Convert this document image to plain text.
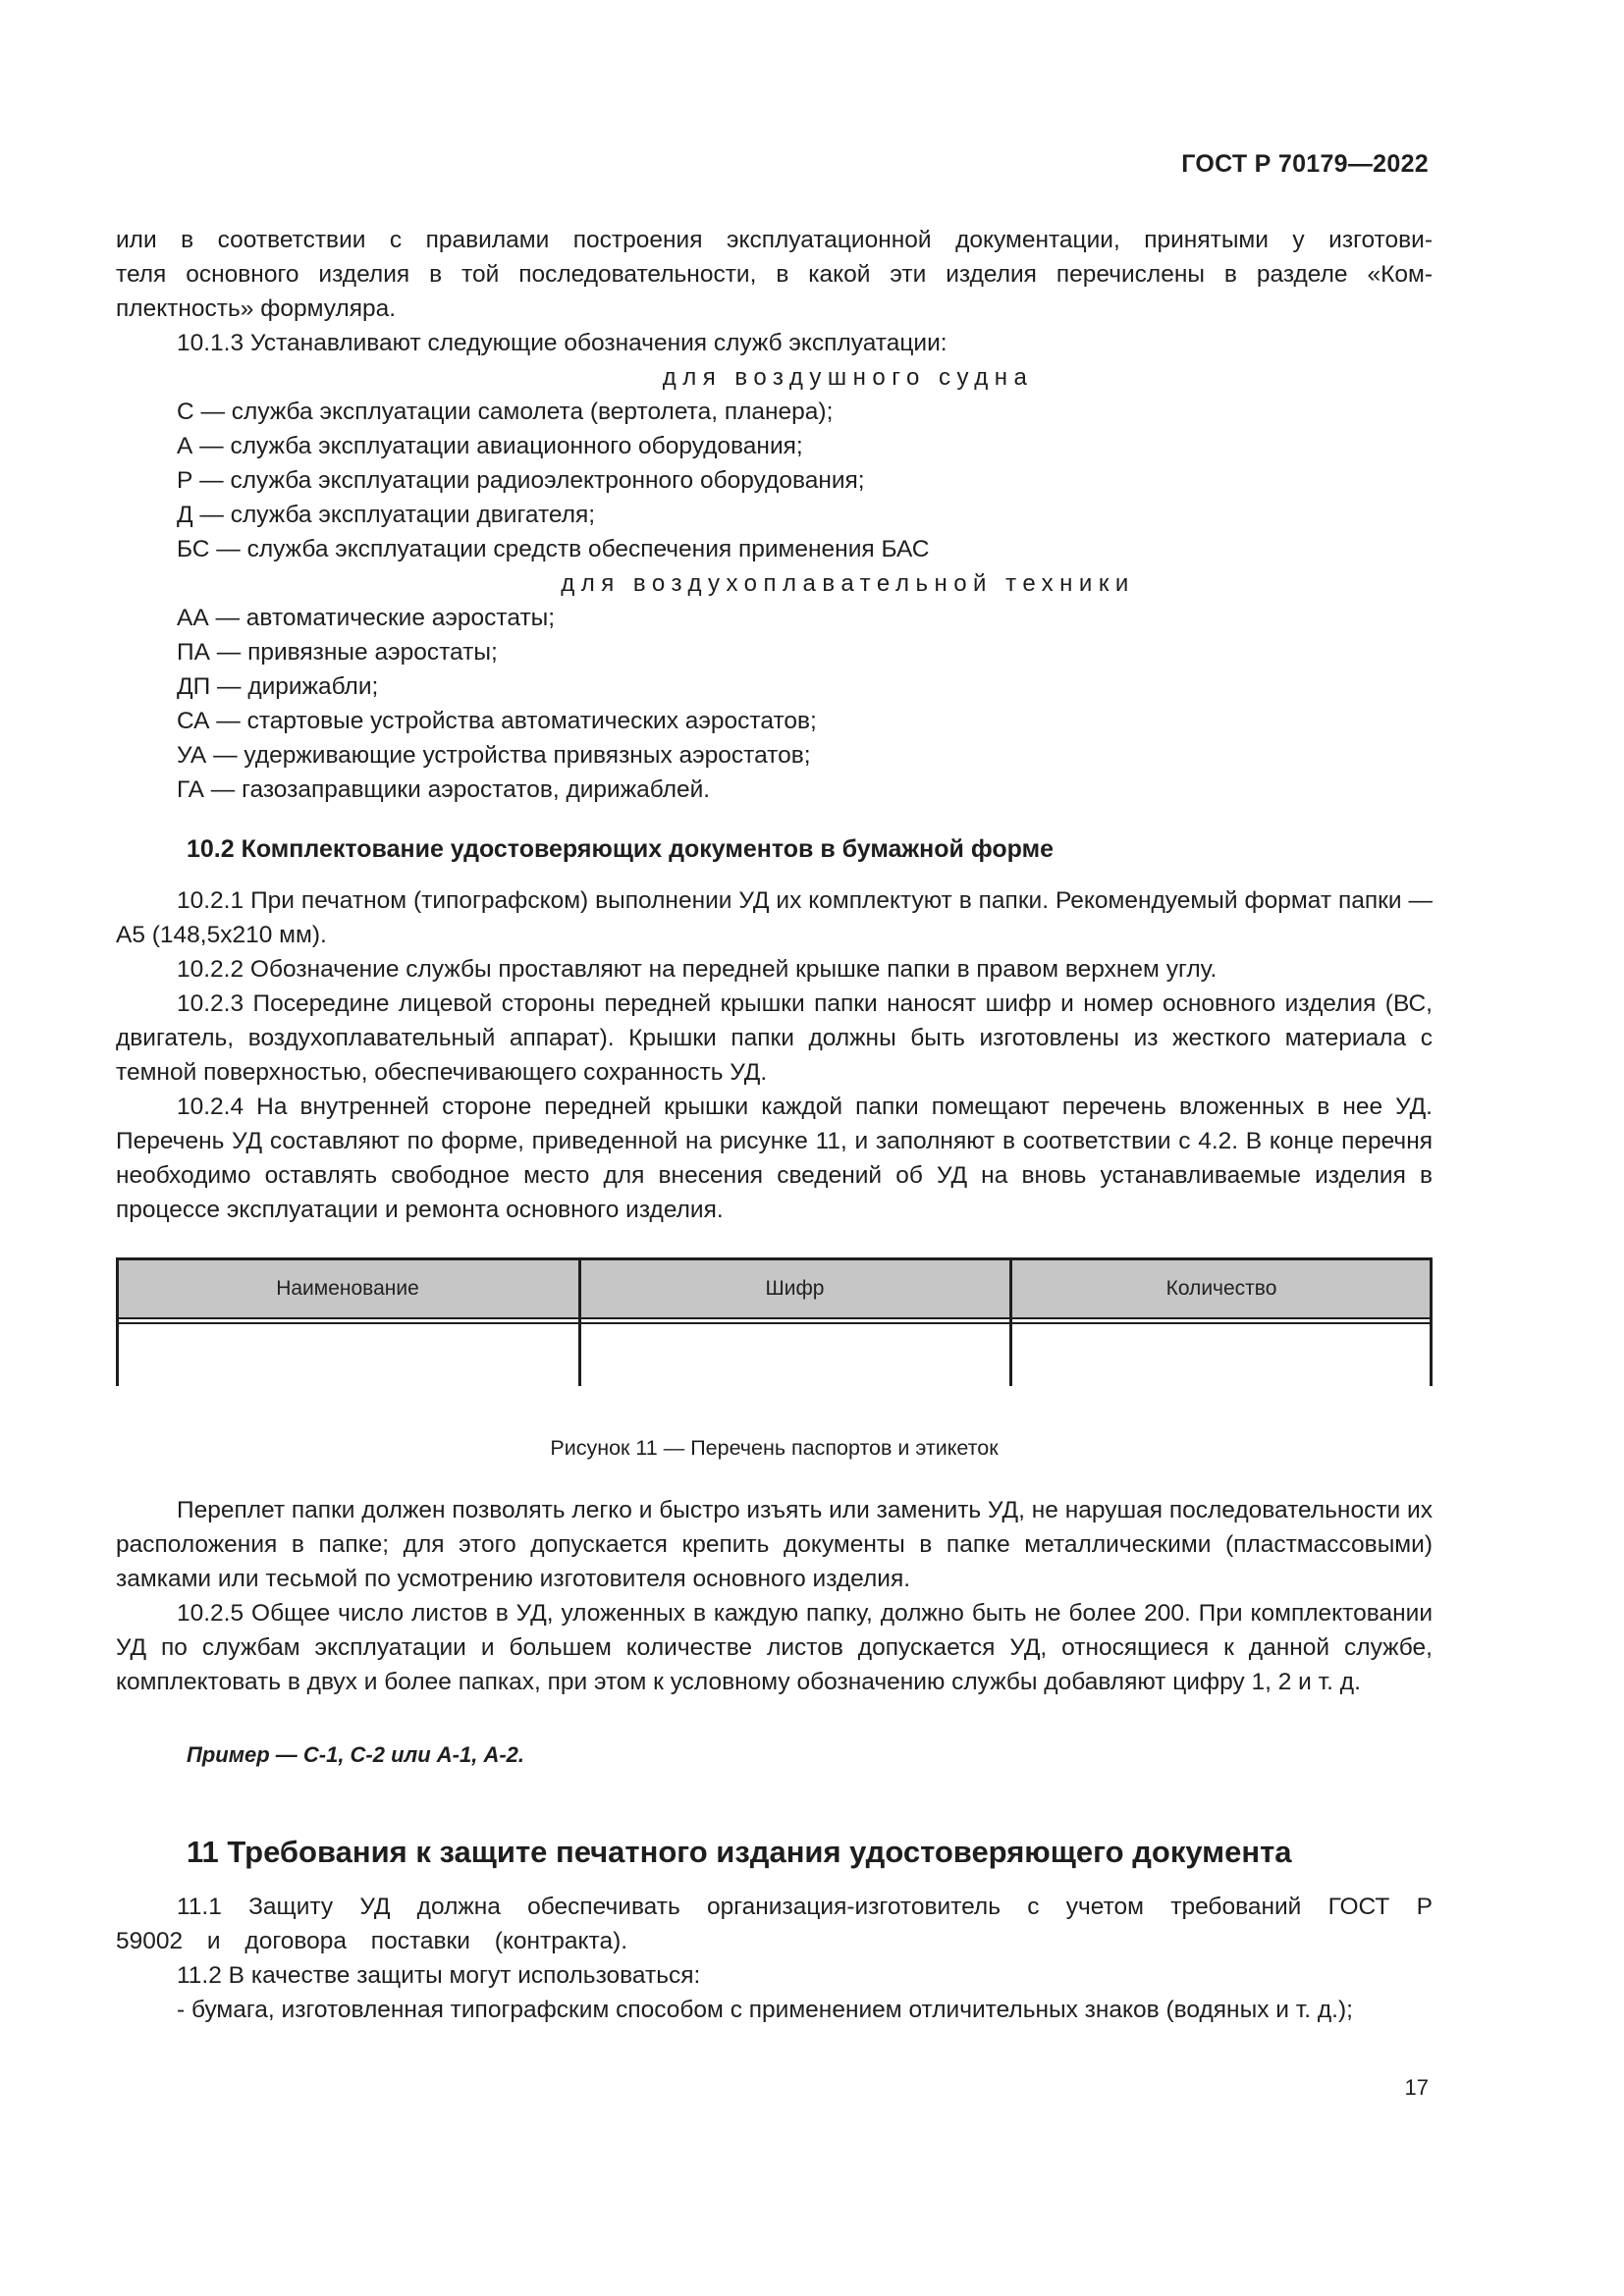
ГОСТ Р 70179—2022

или в соответствии с правилами построения эксплуатационной документации, принятыми у изготови-

теля основного изделия в той последовательности, в какой эти изделия перечислены в разделе «Ком-

плектность» формуляра.

10.1.3 Устанавливают следующие обозначения служб эксплуатации:

для воздушного судна

С — служба эксплуатации самолета (вертолета, планера);

А — служба эксплуатации авиационного оборудования;

Р — служба эксплуатации радиоэлектронного оборудования;

Д — служба эксплуатации двигателя;

БС — служба эксплуатации средств обеспечения применения БАС

для воздухоплавательной техники

АА — автоматические аэростаты;

ПА — привязные аэростаты;

ДП — дирижабли;

СА — стартовые устройства автоматических аэростатов;

УА — удерживающие устройства привязных аэростатов;

ГА — газозаправщики аэростатов, дирижаблей.

10.2 Комплектование удостоверяющих документов в бумажной форме

10.2.1 При печатном (типографском) выполнении УД их комплектуют в папки. Рекомендуемый формат папки — А5 (148,5х210 мм).

10.2.2 Обозначение службы проставляют на передней крышке папки в правом верхнем углу.

10.2.3 Посередине лицевой стороны передней крышки папки наносят шифр и номер основного изделия (ВС, двигатель, воздухоплавательный аппарат). Крышки папки должны быть изготовлены из жесткого материала с темной поверхностью, обеспечивающего сохранность УД.

10.2.4 На внутренней стороне передней крышки каждой папки помещают перечень вложенных в нее УД. Перечень УД составляют по форме, приведенной на рисунке 11, и заполняют в соответствии с 4.2. В конце перечня необходимо оставлять свободное место для внесения сведений об УД на вновь устанавливаемые изделия в процессе эксплуатации и ремонта основного изделия.

Наименование	Шифр	Количество
Рисунок 11 — Перечень паспортов и этикеток

Переплет папки должен позволять легко и быстро изъять или заменить УД, не нарушая последовательности их расположения в папке; для этого допускается крепить документы в папке металлическими (пластмассовыми) замками или тесьмой по усмотрению изготовителя основного изделия.

10.2.5 Общее число листов в УД, уложенных в каждую папку, должно быть не более 200. При комплектовании УД по службам эксплуатации и большем количестве листов допускается УД, относящиеся к данной службе, комплектовать в двух и более папках, при этом к условному обозначению службы добавляют цифру 1, 2 и т. д.

Пример — С-1, С-2 или А-1, А-2.
11 Требования к защите печатного издания удостоверяющего документа

11.1 Защиту УД должна обеспечивать организация-изготовитель с учетом требований ГОСТ Р 59002 и договора поставки (контракта).

11.2 В качестве защиты могут использоваться:

- бумага, изготовленная типографским способом с применением отличительных знаков (водяных и т. д.);

17
